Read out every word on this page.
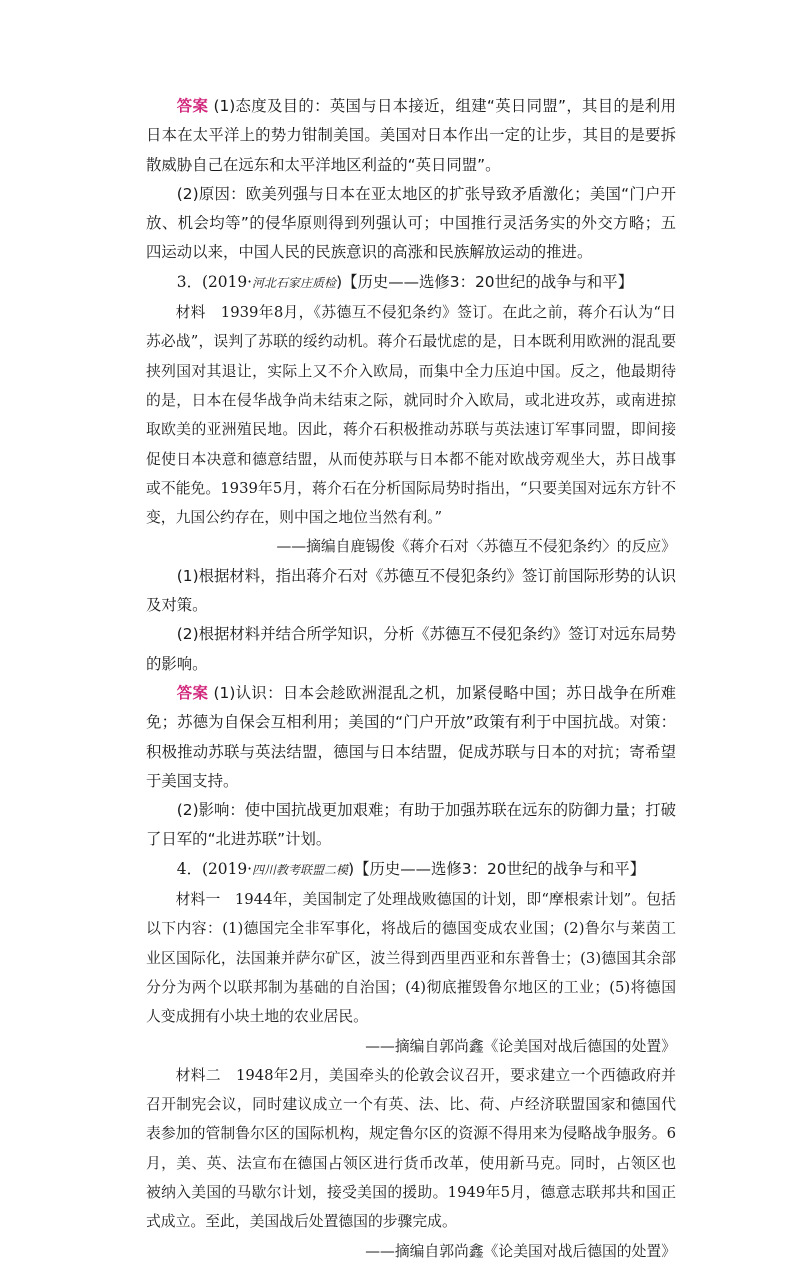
答案 (1)态度及目的：英国与日本接近，组建“英日同盟”，其目的是利用日本在太平洋上的势力钳制美国。美国对日本作出一定的让步，其目的是要拆散威胁自己在远东和太平洋地区利益的“英日同盟”。

(2)原因：欧美列强与日本在亚太地区的扩张导致矛盾激化；美国“门户开放、机会均等”的侵华原则得到列强认可；中国推行灵活务实的外交方略；五四运动以来，中国人民的民族意识的高涨和民族解放运动的推进。

3．(2019·河北石家庄质检)【历史——选修3：20世纪的战争与和平】

材料 1939年8月，《苏德互不侵犯条约》签订。在此之前，蒋介石认为“日苏必战”，误判了苏联的绥约动机。蒋介石最忧虑的是，日本既利用欧洲的混乱要挟列国对其退让，实际上又不介入欧局，而集中全力压迫中国。反之，他最期待的是，日本在侵华战争尚未结束之际，就同时介入欧局，或北进攻苏，或南进掠取欧美的亚洲殖民地。因此，蒋介石积极推动苏联与英法速订军事同盟，即间接促使日本决意和德意结盟，从而使苏联与日本都不能对欧战旁观坐大，苏日战事或不能免。1939年5月，蒋介石在分析国际局势时指出，“只要美国对远东方针不变，九国公约存在，则中国之地位当然有利。”

——摘编自鹿锡俊《蒋介石对〈苏德互不侵犯条约〉的反应》

(1)根据材料，指出蒋介石对《苏德互不侵犯条约》签订前国际形势的认识及对策。

(2)根据材料并结合所学知识，分析《苏德互不侵犯条约》签订对远东局势的影响。

答案 (1)认识：日本会趁欧洲混乱之机，加紧侵略中国；苏日战争在所难免；苏德为自保会互相利用；美国的“门户开放”政策有利于中国抗战。对策：积极推动苏联与英法结盟，德国与日本结盟，促成苏联与日本的对抗；寄希望于美国支持。

(2)影响：使中国抗战更加艰难；有助于加强苏联在远东的防御力量；打破了日军的“北进苏联”计划。

4．(2019·四川教考联盟二模)【历史——选修3：20世纪的战争与和平】

材料一 1944年，美国制定了处理战败德国的计划，即“摩根索计划”。包括以下内容：(1)德国完全非军事化，将战后的德国变成农业国；(2)鲁尔与莱茵工业区国际化，法国兼并萨尔矿区，波兰得到西里西亚和东普鲁士；(3)德国其余部分分为两个以联邦制为基础的自治国；(4)彻底摧毁鲁尔地区的工业；(5)将德国人变成拥有小块土地的农业居民。

——摘编自郭尚鑫《论美国对战后德国的处置》

材料二 1948年2月，美国牵头的伦敦会议召开，要求建立一个西德政府并召开制宪会议，同时建议成立一个有英、法、比、荷、卢经济联盟国家和德国代表参加的管制鲁尔区的国际机构，规定鲁尔区的资源不得用来为侵略战争服务。6月，美、英、法宣布在德国占领区进行货币改革，使用新马克。同时，占领区也被纳入美国的马歇尔计划，接受美国的援助。1949年5月，德意志联邦共和国正式成立。至此，美国战后处置德国的步骤完成。

——摘编自郭尚鑫《论美国对战后德国的处置》
